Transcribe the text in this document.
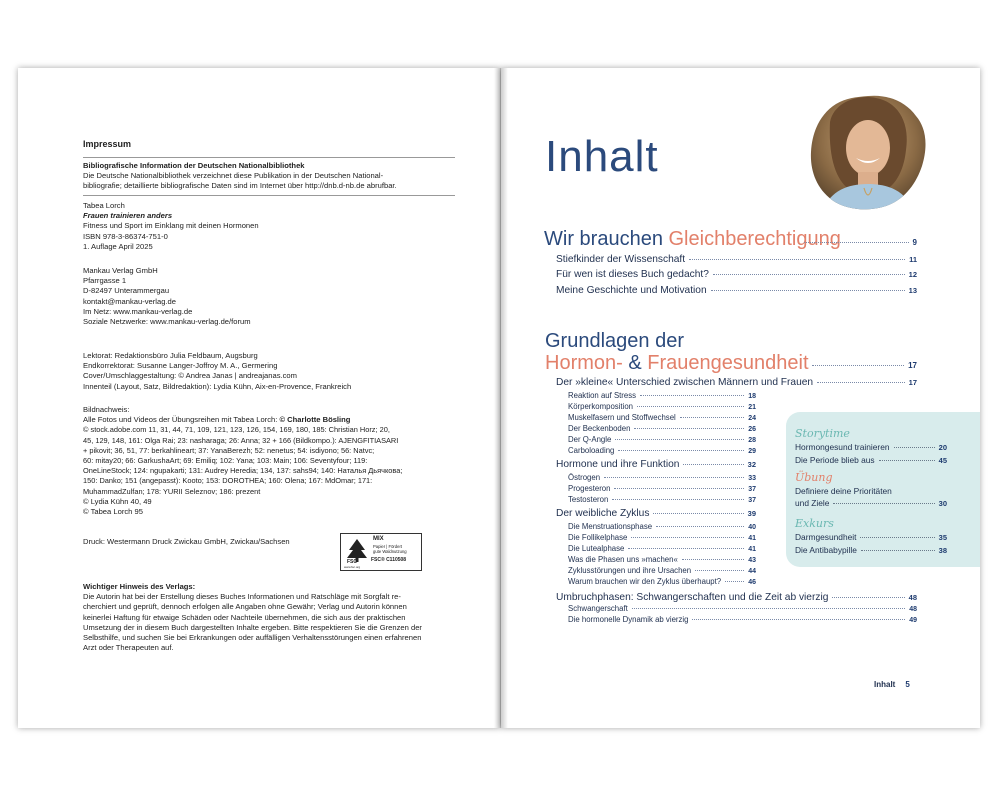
Impressum
Bibliografische Information der Deutschen Nationalbibliothek
Die Deutsche Nationalbibliothek verzeichnet diese Publikation in der Deutschen National-
bibliografie; detaillierte bibliografische Daten sind im Internet über http://dnb.d-nb.de abrufbar.
Tabea Lorch
Frauen trainieren anders
Fitness und Sport im Einklang mit deinen Hormonen
ISBN 978-3-86374-751-0
1. Auflage April 2025
Mankau Verlag GmbH
Pfarrgasse 1
D-82497 Unterammergau
kontakt@mankau-verlag.de
Im Netz: www.mankau-verlag.de
Soziale Netzwerke: www.mankau-verlag.de/forum
Lektorat: Redaktionsbüro Julia Feldbaum, Augsburg
Endkorrektorat: Susanne Langer-Joffroy M. A., Germering
Cover/Umschlaggestaltung: © Andrea Janas | andreajanas.com
Innenteil (Layout, Satz, Bildredaktion): Lydia Kühn, Aix-en-Provence, Frankreich
Bildnachweis:
Alle Fotos und Videos der Übungsreihen mit Tabea Lorch: © Charlotte Bösling
© stock.adobe.com 11, 31, 44, 71, 109, 121, 123, 126, 154, 169, 180, 185: Christian Horz; 20,
45, 129, 148, 161: Olga Rai; 23: nasharaga; 26: Anna; 32 + 166 (Bildkompo.): AJENGFITIASARI
+ pikovit; 36, 51, 77: berkahlineart; 37: YanaBerezh; 52: nenetus; 54: isdiyono; 56: Natvc;
60: mitay20; 66: GarkushaArt; 69: Emiliq; 102: Yana; 103: Main; 106: Seventyfour; 119:
OneLineStock; 124: ngupakarti; 131: Audrey Heredia; 134, 137: sahs94; 140: Наталья Дьячкова;
150: Danko; 151 (angepasst): Kooto; 153: DOROTHEA; 160: Olena; 167: MdOmar; 171:
MuhammadZulfan; 178: YURII Seleznov; 186: prezent
© Lydia Kühn 40, 49
© Tabea Lorch 95
Druck: Westermann Druck Zwickau GmbH, Zwickau/Sachsen
FSC
MIX
Papier | Fördert
gute Waldnutzung
FSC® C110508
www.fsc.org
Wichtiger Hinweis des Verlags:
Die Autorin hat bei der Erstellung dieses Buches Informationen und Ratschläge mit Sorgfalt re-
cherchiert und geprüft, dennoch erfolgen alle Angaben ohne Gewähr; Verlag und Autorin können
keinerlei Haftung für etwaige Schäden oder Nachteile übernehmen, die sich aus der praktischen
Umsetzung der in diesem Buch dargestellten Inhalte ergeben. Bitte respektieren Sie die Grenzen der
Selbsthilfe, und suchen Sie bei Erkrankungen oder auffälligen Verhaltensstörungen einen erfahrenen
Arzt oder Therapeuten auf.
Inhalt
Wir brauchen Gleichberechtigung	9
Stiefkinder der Wissenschaft	11
Für wen ist dieses Buch gedacht?	12
Meine Geschichte und Motivation	13
Grundlagen der
Hormon- & Frauengesundheit	17
Der »kleine« Unterschied zwischen Männern und Frauen	17
Reaktion auf Stress	18
Körperkomposition	21
Muskelfasern und Stoffwechsel	24
Der Beckenboden	26
Der Q-Angle	28
Carboloading	29
Hormone und ihre Funktion	32
Östrogen	33
Progesteron	37
Testosteron	37
Der weibliche Zyklus	39
Die Menstruationsphase	40
Die Follikelphase	41
Die Lutealphase	41
Was die Phasen uns »machen«	43
Zyklusstörungen und ihre Ursachen	44
Warum brauchen wir den Zyklus überhaupt?	46
Umbruchphasen: Schwangerschaften und die Zeit ab vierzig	48
Schwangerschaft	48
Die hormonelle Dynamik ab vierzig	49
Storytime
Hormongesund trainieren	20
Die Periode blieb aus	45
Übung
Definiere deine Prioritäten
und Ziele	30
Exkurs
Darmgesundheit	35
Die Antibabypille	38
Inhalt 5
